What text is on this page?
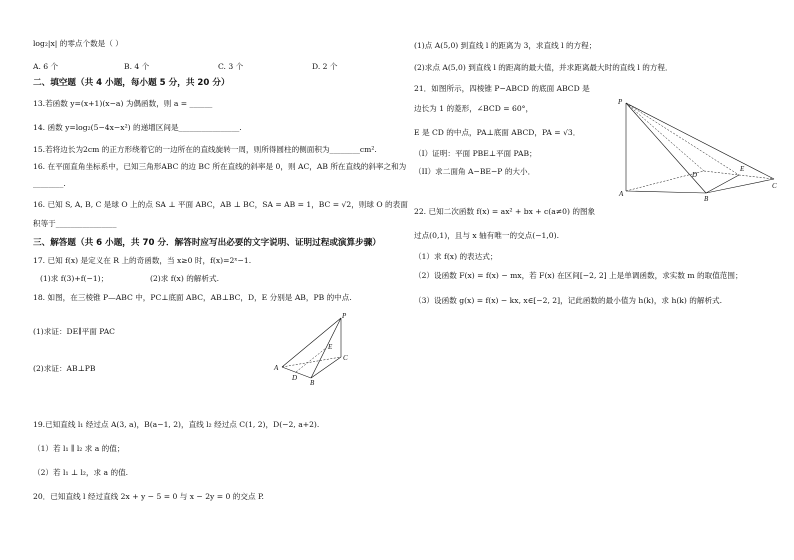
log₂|x| 的零点个数是（ ）
A. 6 个	B. 4 个	C. 3 个	D. 2 个
二、填空题（共 4 小题，每小题 5 分，共 20 分）
13.若函数 y=(x+1)(x−a) 为偶函数，则 a = ______
14. 函数 y=log₂(5−4x−x²) 的递增区间是________________.
15.若将边长为2cm 的正方形绕着它的一边所在的直线旋转一周，则所得圆柱的侧面积为________cm².
16. 在平面直角坐标系中，已知三角形ABC 的边 BC 所在直线的斜率是 0，则 AC，AB 所在直线的斜率之和为
________.
16. 已知 S, A, B, C 是球 O 上的点 SA ⊥ 平面 ABC，AB ⊥ BC，SA = AB = 1，BC = √2，则球 O 的表面
积等于________________
三、解答题（共 6 小题，共 70 分．解答时应写出必要的文字说明、证明过程或演算步骤）
17. 已知 f(x) 是定义在 R 上的奇函数，当 x≥0 时，f(x)=2ˣ−1.
(1)求 f(3)+f(−1)；	(2)求 f(x) 的解析式.
18. 如图，在三棱锥 P—ABC 中，PC⊥底面 ABC，AB⊥BC，D，E 分别是 AB，PB 的中点.
(1)求证：DE∥平面 PAC
(2)求证：AB⊥PB
P
E
A
D
B
C
19.已知直线 l₁ 经过点 A(3, a)，B(a−1, 2)，直线 l₂ 经过点 C(1, 2)，D(−2, a+2).
（1）若 l₁ ∥ l₂ 求 a 的值；
（2）若 l₁ ⊥ l₂，求 a 的值.
20．已知直线 l 经过直线 2x + y − 5 = 0 与 x − 2y = 0 的交点 P.
(1)点 A(5,0) 到直线 l 的距离为 3，求直线 l 的方程；
(2)求点 A(5,0) 到直线 l 的距离的最大值，并求距离最大时的直线 l 的方程．
21．如图所示，四棱锥 P−ABCD 的底面 ABCD 是
边长为 1 的菱形，∠BCD = 60°，
E 是 CD 的中点，PA⊥底面 ABCD，PA = √3．
（I）证明：平面 PBE⊥平面 PAB；
（II）求二面角 A−BE−P 的大小．
P
D
E
A
B
C
22. 已知二次函数 f(x) = ax² + bx + c(a≠0) 的图象
过点(0,1)，且与 x 轴有唯一的交点(−1,0).
（1）求 f(x) 的表达式；
（2）设函数 F(x) = f(x) − mx，若 F(x) 在区间[−2, 2] 上是单调函数，求实数 m 的取值范围；
（3）设函数 g(x) = f(x) − kx, x∈[−2, 2]，记此函数的最小值为 h(k)，求 h(k) 的解析式.
